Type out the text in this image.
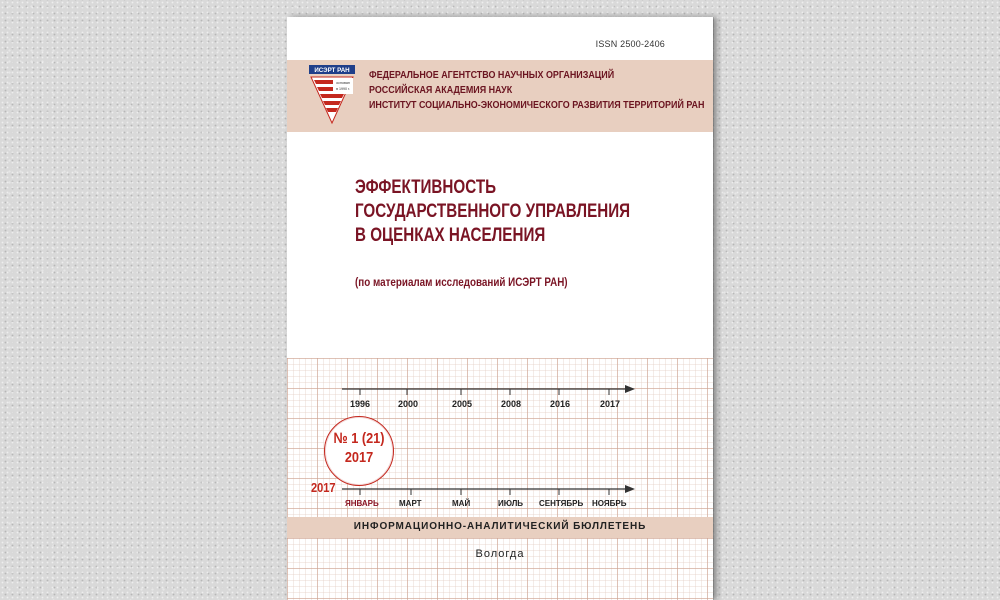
ISSN 2500-2406
ИСЭРТ РАН
основан
в 1990 г.
ФЕДЕРАЛЬНОЕ АГЕНТСТВО НАУЧНЫХ ОРГАНИЗАЦИЙ
РОССИЙСКАЯ АКАДЕМИЯ НАУК
ИНСТИТУТ СОЦИАЛЬНО-ЭКОНОМИЧЕСКОГО РАЗВИТИЯ ТЕРРИТОРИЙ РАН
ЭФФЕКТИВНОСТЬ
ГОСУДАРСТВЕННОГО УПРАВЛЕНИЯ
В ОЦЕНКАХ НАСЕЛЕНИЯ
(по материалам исследований ИСЭРТ РАН)
1996	2000	2005	2008	2016	2017
ЯНВАРЬ	МАРТ	МАЙ	ИЮЛЬ СЕНТЯБРЬ НОЯБРЬ
№ 1 (21)
2017
2017
ИНФОРМАЦИОННО-АНАЛИТИЧЕСКИЙ БЮЛЛЕТЕНЬ
Вологда
